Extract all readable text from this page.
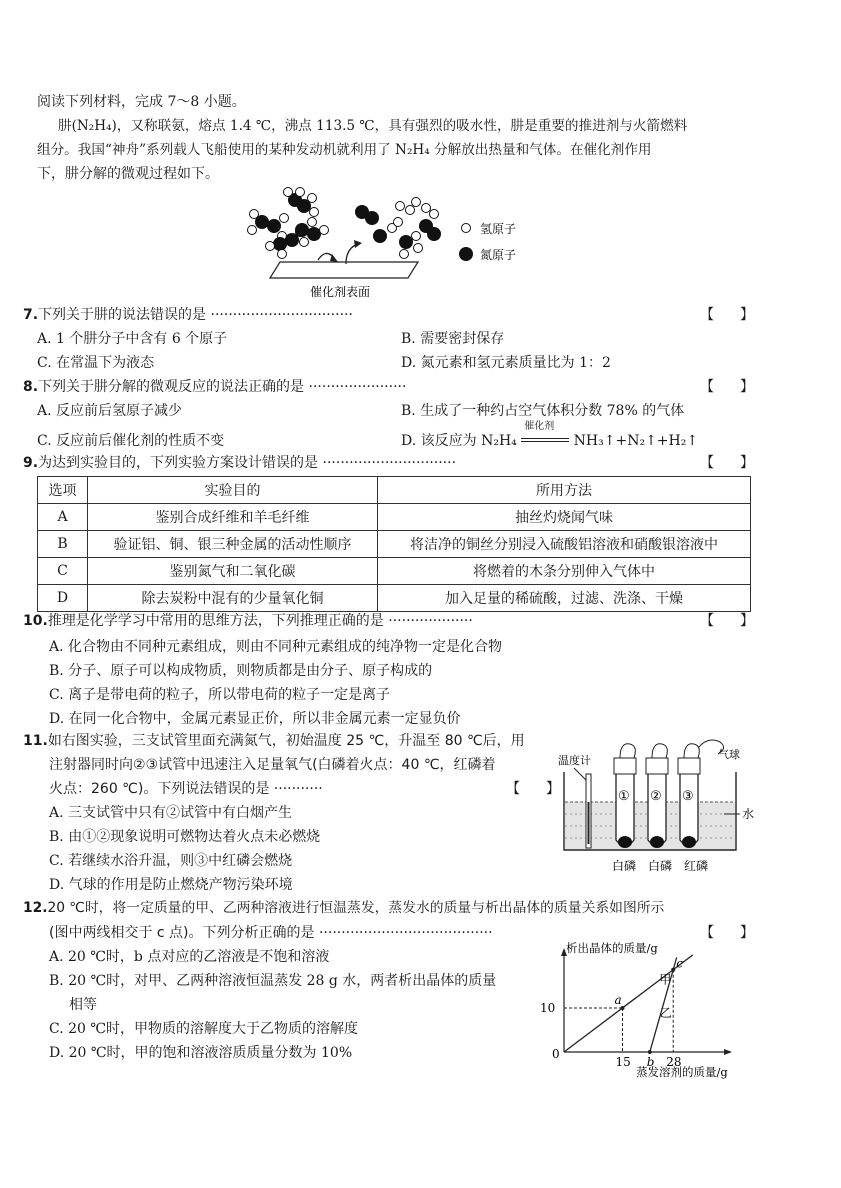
阅读下列材料，完成 7～8 小题。
肼(N₂H₄)，又称联氨，熔点 1.4 ℃，沸点 113.5 ℃，具有强烈的吸水性，肼是重要的推进剂与火箭燃料
组分。我国“神舟”系列载人飞船使用的某种发动机就利用了 N₂H₄ 分解放出热量和气体。在催化剂作用
下，肼分解的微观过程如下。
氢原子
氮原子
催化剂表面
7.下列关于肼的说法错误的是 ································	【 】
A. 1 个肼分子中含有 6 个原子	B. 需要密封保存
C. 在常温下为液态	D. 氮元素和氢元素质量比为 1：2
8.下列关于肼分解的微观反应的说法正确的是 ······················	【 】
A. 反应前后氢原子减少	B. 生成了一种约占空气体积分数 78% 的气体
C. 反应前后催化剂的性质不变	D. 该反应为 N₂H₄
催化剂
NH₃↑+N₂↑+H₂↑
9.为达到实验目的，下列实验方案设计错误的是 ······························	【 】
选项	实验目的	所用方法
A	鉴别合成纤维和羊毛纤维	抽丝灼烧闻气味
B	验证铝、铜、银三种金属的活动性顺序	将洁净的铜丝分别浸入硫酸铝溶液和硝酸银溶液中
C	鉴别氮气和二氧化碳	将燃着的木条分别伸入气体中
D	除去炭粉中混有的少量氧化铜	加入足量的稀硫酸，过滤、洗涤、干燥
10.推理是化学学习中常用的思维方法，下列推理正确的是 ···················	【 】
A. 化合物由不同种元素组成，则由不同种元素组成的纯净物一定是化合物
B. 分子、原子可以构成物质，则物质都是由分子、原子构成的
C. 离子是带电荷的粒子，所以带电荷的粒子一定是离子
D. 在同一化合物中，金属元素显正价，所以非金属元素一定显负价
11.如右图实验，三支试管里面充满氮气，初始温度 25 ℃，升温至 80 ℃后，用
注射器同时向②③试管中迅速注入足量氧气(白磷着火点：40 ℃，红磷着
火点：260 ℃)。下列说法错误的是 ···········	【 】
A. 三支试管中只有②试管中有白烟产生
B. 由①②现象说明可燃物达着火点未必燃烧
C. 若继续水浴升温，则③中红磷会燃烧
D. 气球的作用是防止燃烧产物污染环境
温度计	气球
水
① ② ③
白磷 白磷 红磷
12.20 ℃时，将一定质量的甲、乙两种溶液进行恒温蒸发，蒸发水的质量与析出晶体的质量关系如图所示
(图中两线相交于 c 点)。下列分析正确的是 ·······································	【 】
A. 20 ℃时，b 点对应的乙溶液是不饱和溶液
B. 20 ℃时，对甲、乙两种溶液恒温蒸发 28 g 水，两者析出晶体的质量
相等
C. 20 ℃时，甲物质的溶解度大于乙物质的溶解度
D. 20 ℃时，甲的饱和溶液溶质质量分数为 10%
析出晶体的质量/g
蒸发溶剂的质量/g
0
甲
乙
a
c
15 b 28
10
